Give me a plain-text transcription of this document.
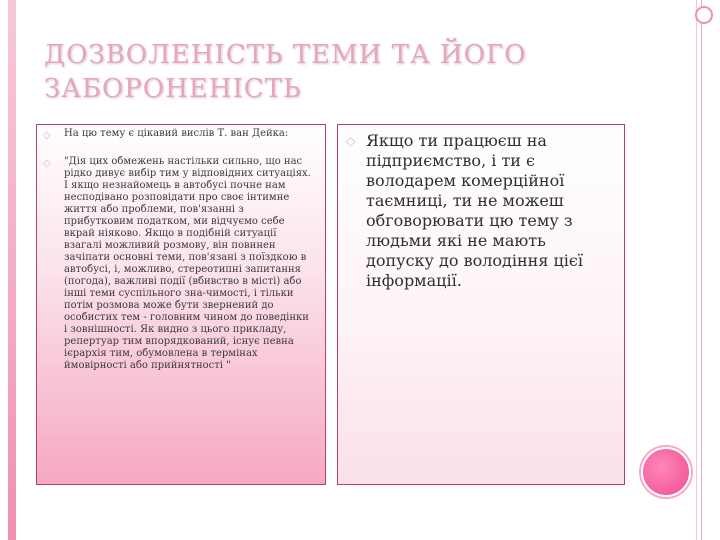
ДОЗВОЛЕНІСТЬ ТЕМИ ТА ЙОГО ЗАБОРОНЕНІСТЬ
◇ На цю тему є цікавий вислів Т. ван Дейка:

◇ "Дія цих обмежень настільки сильно, що нас рідко дивує вибір тим у відповідних ситуаціях. І якщо незнайомець в автобусі почне нам несподівано розповідати про своє інтимне життя або проблеми, пов'язанні з прибутковим податком, ми відчуємо себе вкрай ніяково. Якщо в подібній ситуації взагалі можливий розмову, він повинен зачіпати основні теми, пов'язані з поїздкою в автобусі, і, можливо, стереотипні запитання (погода), важливі події (вбивство в місті) або інші теми суспільного зна-чимості, і тільки потім розмова може бути звернений до особистих тем - головним чином до поведінки і зовнішності. Як видно з цього прикладу, репертуар тим впорядкований, існує певна ієрархія тим, обумовлена в термінах ймовірності або прийнятності "

◇ Якщо ти працюєш на підприємство, і ти є володарем комерційної таємниці, ти не можеш обговорювати цю тему з людьми які не мають допуску до володіння цієї інформації.
